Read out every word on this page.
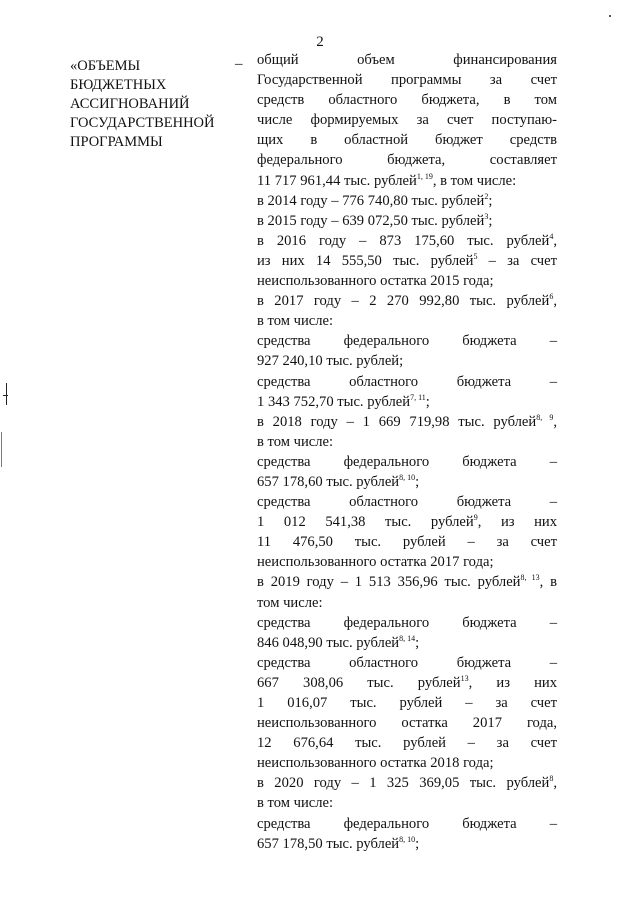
2
«ОБЪЕМЫ
БЮДЖЕТНЫХ
АССИГНОВАНИЙ
ГОСУДАРСТВЕННОЙ
ПРОГРАММЫ
– общий объем финансирования
Государственной программы за счет
средств областного бюджета, в том
числе формируемых за счет поступаю-
щих в областной бюджет средств
федерального бюджета, составляет
11 717 961,44 тыс. рублей$^{1, 19}$, в том числе:
в 2014 году – 776 740,80 тыс. рублей$^2$;
в 2015 году – 639 072,50 тыс. рублей$^3$;
в 2016 году – 873 175,60 тыс. рублей$^4$,
из них 14 555,50 тыс. рублей$^5$ – за счет
неиспользованного остатка 2015 года;
в 2017 году – 2 270 992,80 тыс. рублей$^6$,
в том числе:
средства федерального бюджета –
927 240,10 тыс. рублей;
средства областного бюджета –
1 343 752,70 тыс. рублей$^{7, 11}$;
в 2018 году – 1 669 719,98 тыс. рублей$^{8, 9}$,
в том числе:
средства федерального бюджета –
657 178,60 тыс. рублей$^{8, 10}$;
средства областного бюджета –
1 012 541,38 тыс. рублей$^9$, из них
11 476,50 тыс. рублей – за счет
неиспользованного остатка 2017 года;
в 2019 году – 1 513 356,96 тыс. рублей$^{8, 13}$, в
том числе:
средства федерального бюджета –
846 048,90 тыс. рублей$^{8, 14}$;
средства областного бюджета –
667 308,06 тыс. рублей$^{13}$, из них
1 016,07 тыс. рублей – за счет
неиспользованного остатка 2017 года,
12 676,64 тыс. рублей – за счет
неиспользованного остатка 2018 года;
в 2020 году – 1 325 369,05 тыс. рублей$^8$,
в том числе:
средства федерального бюджета –
657 178,50 тыс. рублей$^{8, 10}$;
